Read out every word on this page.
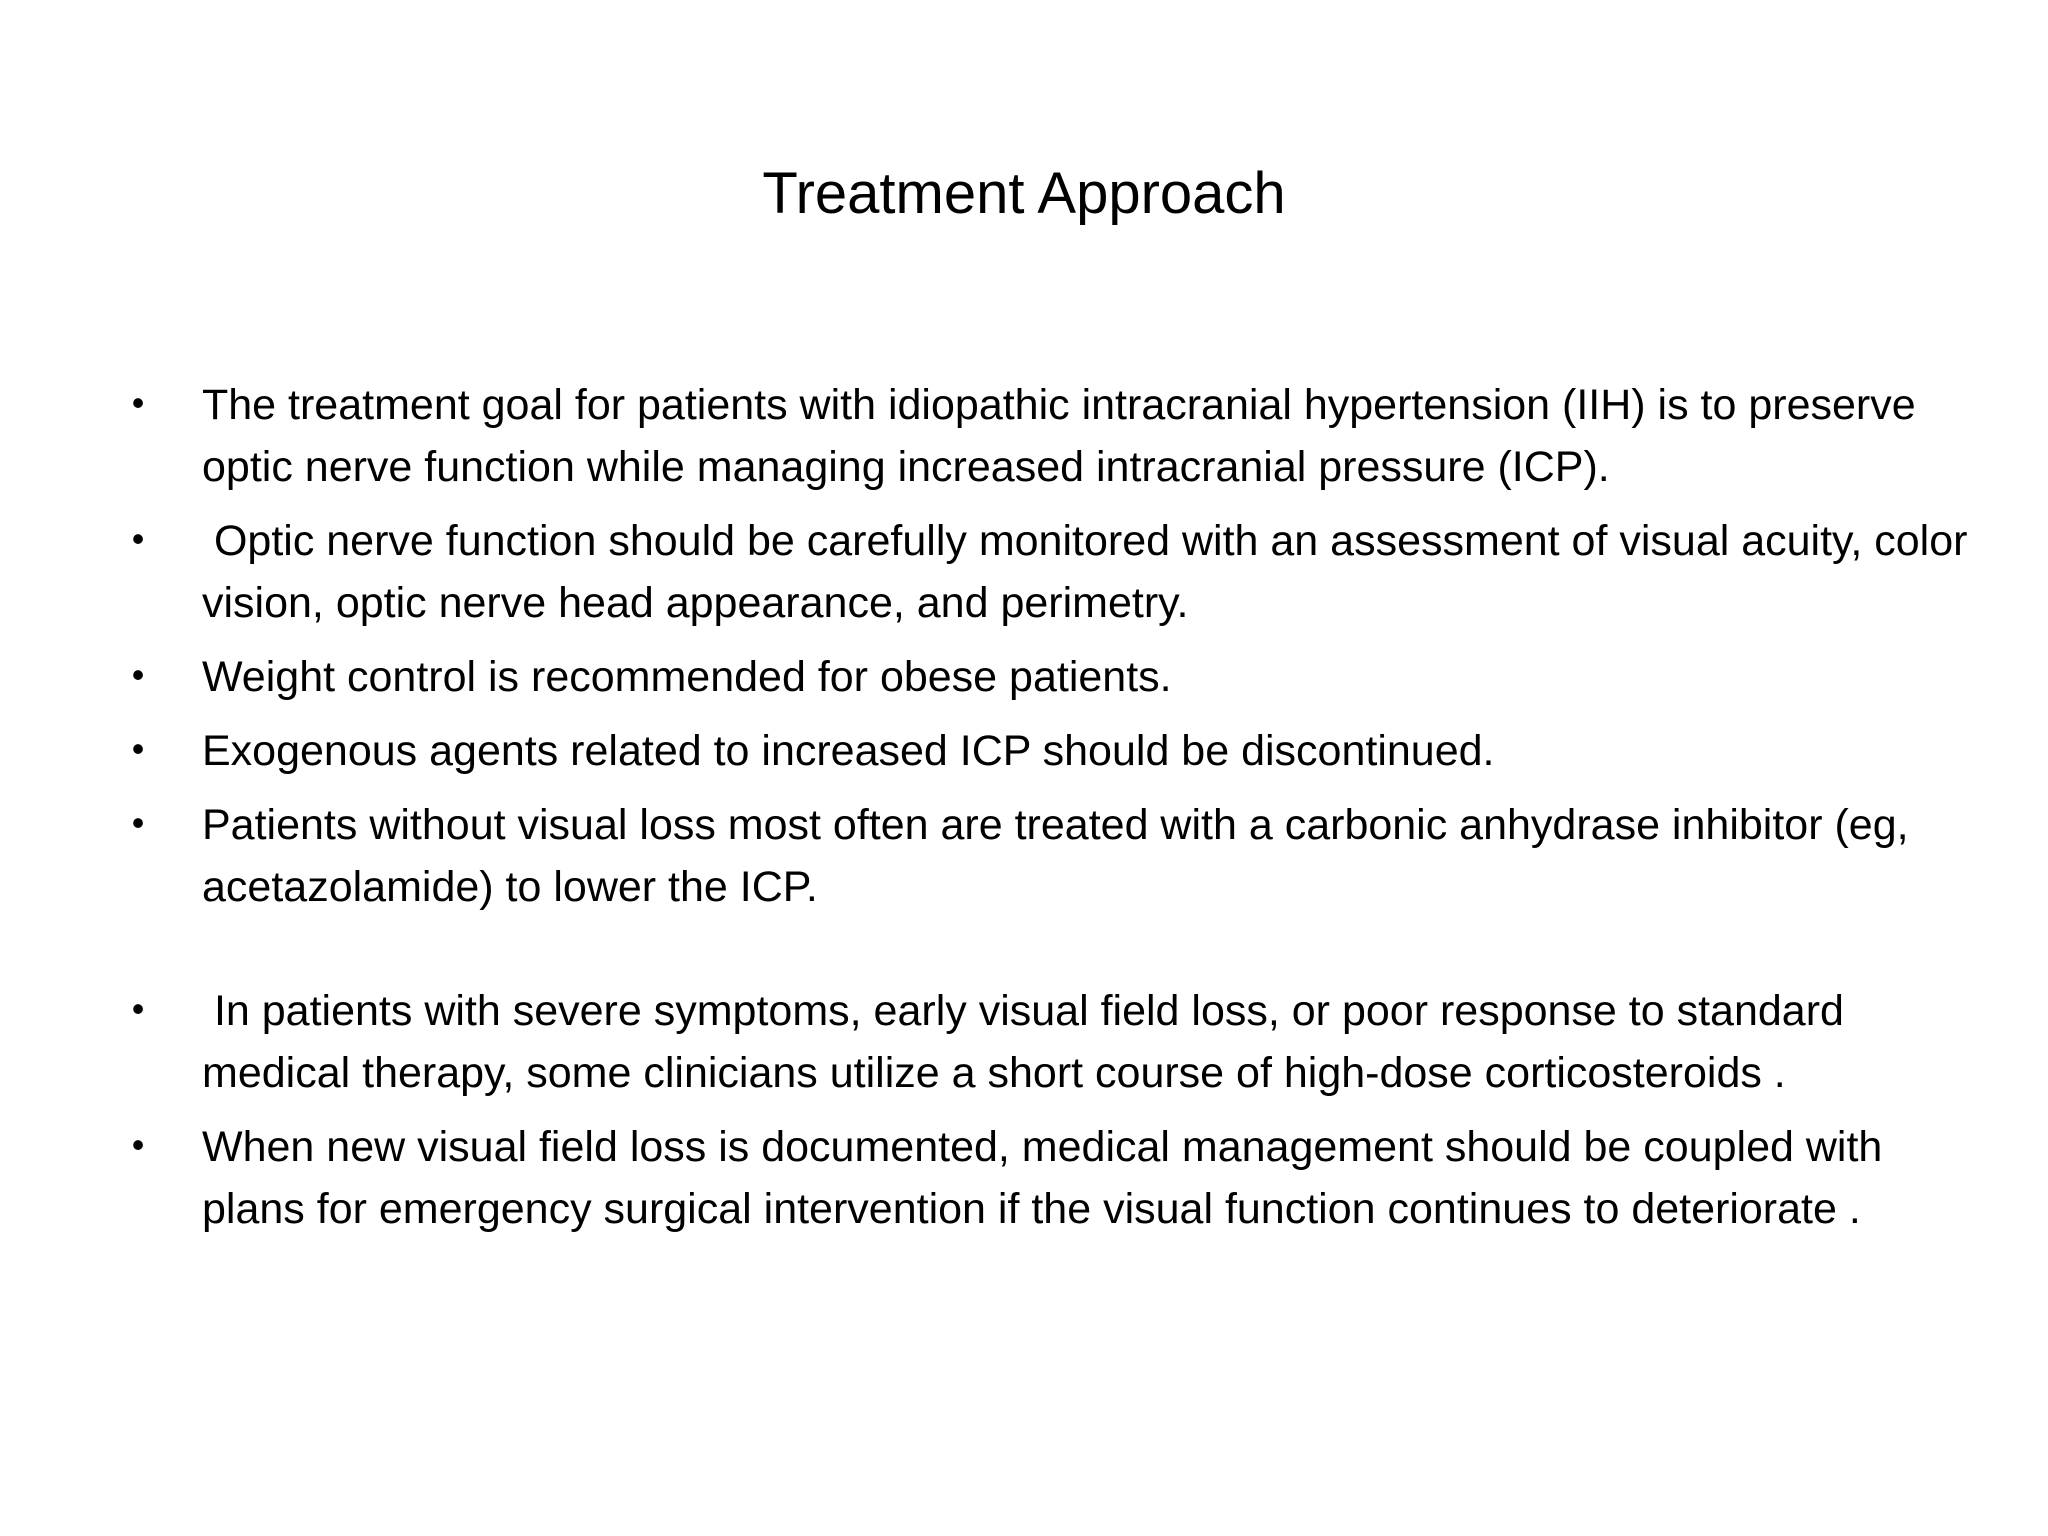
Treatment Approach
•	The treatment goal for patients with idiopathic intracranial hypertension (IIH) is to preserve optic nerve function while managing increased intracranial pressure (ICP).
•	Optic nerve function should be carefully monitored with an assessment of visual acuity, color vision, optic nerve head appearance, and perimetry.
•	Weight control is recommended for obese patients.
•	Exogenous agents related to increased ICP should be discontinued.
•	Patients without visual loss most often are treated with a carbonic anhydrase inhibitor (eg, acetazolamide) to lower the ICP.
•	In patients with severe symptoms, early visual field loss, or poor response to standard medical therapy, some clinicians utilize a short course of high-dose corticosteroids .
•	When new visual field loss is documented, medical management should be coupled with plans for emergency surgical intervention if the visual function continues to deteriorate .
